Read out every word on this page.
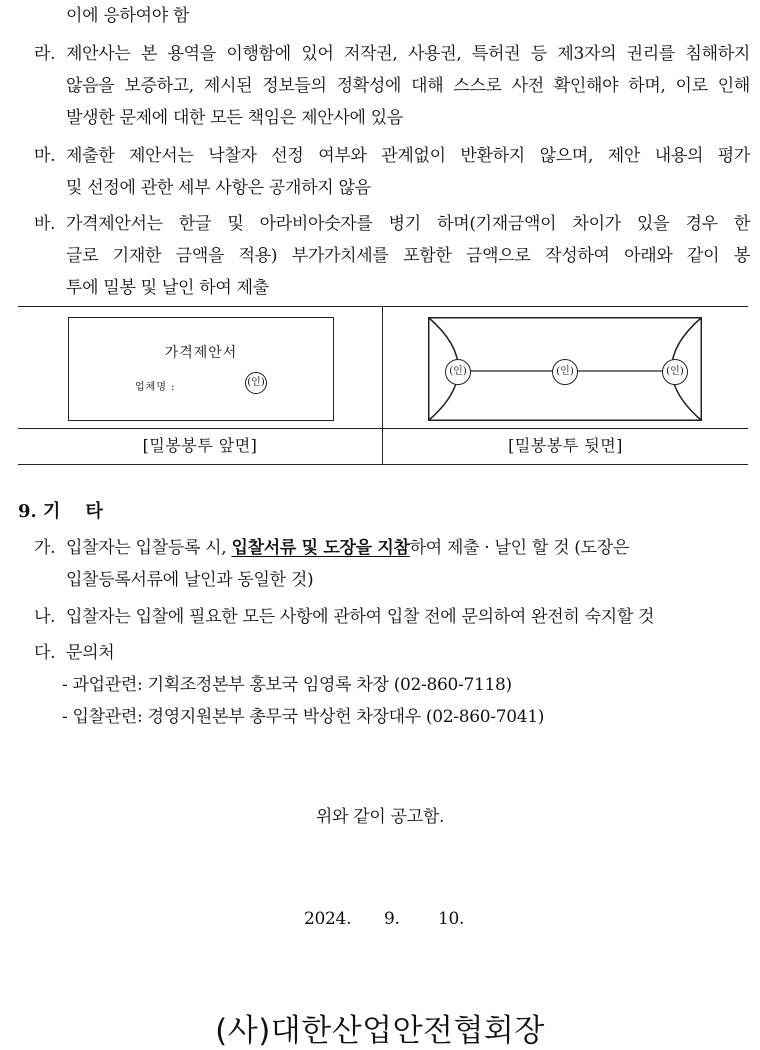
이에 응하여야 함
라. 제안사는 본 용역을 이행함에 있어 저작권, 사용권, 특허권 등 제3자의 권리를 침해하지
않음을 보증하고, 제시된 정보들의 정확성에 대해 스스로 사전 확인해야 하며, 이로 인해
발생한 문제에 대한 모든 책임은 제안사에 있음
마. 제출한 제안서는 낙찰자 선정 여부와 관계없이 반환하지 않으며, 제안 내용의 평가
및 선정에 관한 세부 사항은 공개하지 않음
바. 가격제안서는 한글 및 아라비아숫자를 병기 하며(기재금액이 차이가 있을 경우 한
글로 기재한 금액을 적용) 부가가치세를 포함한 금액으로 작성하여 아래와 같이 봉
투에 밀봉 및 날인 하여 제출
가격제안서
업체명 :	(인)
(인)	(인)	(인)
[밀봉봉투 앞면]	[밀봉봉투 뒷면]
9. 기    타
가. 입찰자는 입찰등록 시, 입찰서류 및 도장을 지참하여 제출 · 날인 할 것 (도장은
입찰등록서류에 날인과 동일한 것)
나. 입찰자는 입찰에 필요한 모든 사항에 관하여 입찰 전에 문의하여 완전히 숙지할 것
다. 문의처
- 과업관련: 기획조정본부 홍보국 임영록 차장 (02-860-7118)
- 입찰관련: 경영지원본부 총무국 박상헌 차장대우 (02-860-7041)
위와 같이 공고함.
2024. 9. 10.
(사)대한산업안전협회장
